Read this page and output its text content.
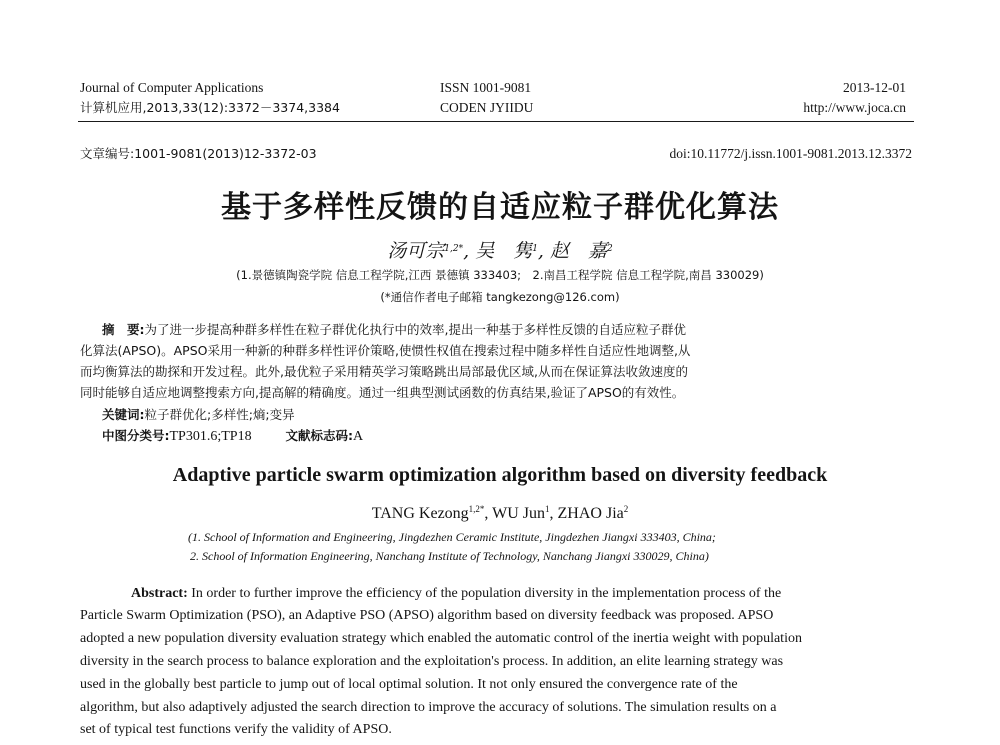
Journal of Computer Applications
计算机应用,2013,33(12):3372－3374,3384
ISSN 1001-9081
CODEN JYIIDU
2013-12-01
http://www.joca.cn
文章编号:1001-9081(2013)12-3372-03	doi:10.11772/j.issn.1001-9081.2013.12.3372
基于多样性反馈的自适应粒子群优化算法
汤可宗$^{1,2*}$, 吴　隽$^1$, 赵　嘉$^2$
(1.景德镇陶瓷学院 信息工程学院,江西 景德镇 333403;　2.南昌工程学院 信息工程学院,南昌 330029)
(*通信作者电子邮箱 tangkezong@126.com)
摘　要:为了进一步提高种群多样性在粒子群优化执行中的效率,提出一种基于多样性反馈的自适应粒子群优
化算法(APSO)。APSO采用一种新的种群多样性评价策略,使惯性权值在搜索过程中随多样性自适应性地调整,从
而均衡算法的勘探和开发过程。此外,最优粒子采用精英学习策略跳出局部最优区域,从而在保证算法收敛速度的
同时能够自适应地调整搜索方向,提高解的精确度。通过一组典型测试函数的仿真结果,验证了APSO的有效性。
关键词:粒子群优化;多样性;熵;变异
中图分类号:TP301.6;TP18	文献标志码:A
Adaptive particle swarm optimization algorithm based on diversity feedback
TANG Kezong$^{1,2*}$, WU Jun$^1$, ZHAO Jia$^2$
(1. School of Information and Engineering, Jingdezhen Ceramic Institute, Jingdezhen Jiangxi 333403, China;
2. School of Information Engineering, Nanchang Institute of Technology, Nanchang Jiangxi 330029, China)
Abstract: In order to further improve the efficiency of the population diversity in the implementation process of the
Particle Swarm Optimization (PSO), an Adaptive PSO (APSO) algorithm based on diversity feedback was proposed. APSO
adopted a new population diversity evaluation strategy which enabled the automatic control of the inertia weight with population
diversity in the search process to balance exploration and the exploitation's process. In addition, an elite learning strategy was
used in the globally best particle to jump out of local optimal solution. It not only ensured the convergence rate of the
algorithm, but also adaptively adjusted the search direction to improve the accuracy of solutions. The simulation results on a
set of typical test functions verify the validity of APSO.
